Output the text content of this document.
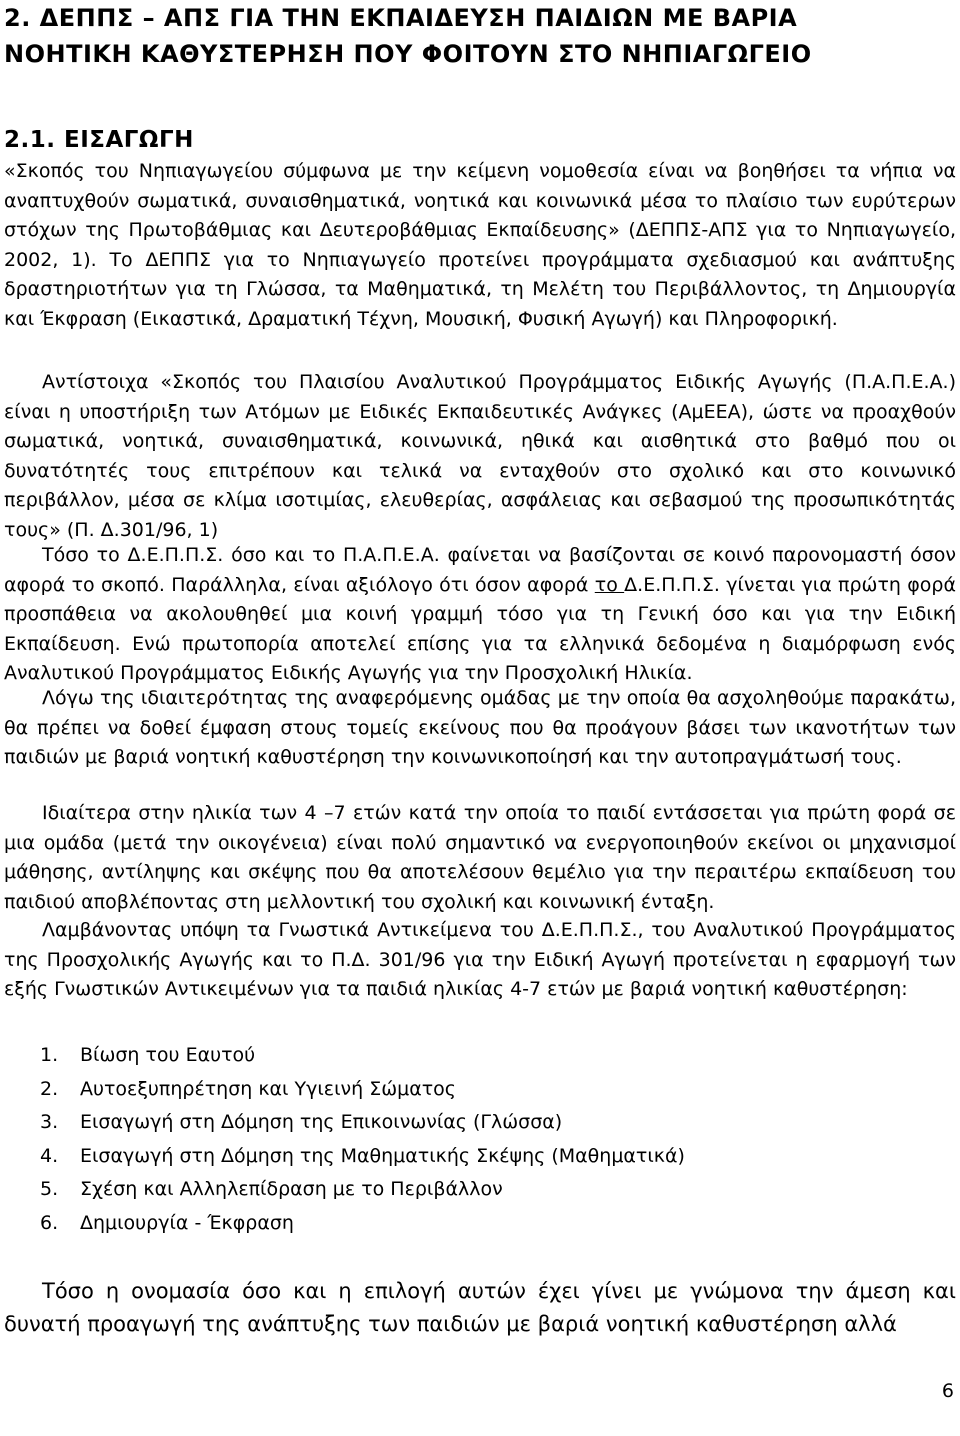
2. ΔΕΠΠΣ – ΑΠΣ ΓΙΑ ΤΗΝ ΕΚΠΑΙΔΕΥΣΗ ΠΑΙΔΙΩΝ ΜΕ ΒΑΡΙΑ
ΝΟΗΤΙΚΗ ΚΑΘΥΣΤΕΡΗΣΗ ΠΟΥ ΦΟΙΤΟΥΝ ΣΤΟ ΝΗΠΙΑΓΩΓΕΙΟ
2.1. ΕΙΣΑΓΩΓΗ

«Σκοπός του Νηπιαγωγείου σύμφωνα με την κείμενη νομοθεσία είναι να βοηθήσει τα νήπια να αναπτυχθούν σωματικά, συναισθηματικά, νοητικά και κοινωνικά μέσα το πλαίσιο των ευρύτερων στόχων της Πρωτοβάθμιας και Δευτεροβάθμιας Εκπαίδευσης» (ΔΕΠΠΣ-ΑΠΣ για το Νηπιαγωγείο, 2002, 1). Το ΔΕΠΠΣ για το Νηπιαγωγείο προτείνει προγράμματα σχεδιασμού και ανάπτυξης δραστηριοτήτων για τη Γλώσσα, τα Μαθηματικά, τη Μελέτη του Περιβάλλοντος, τη Δημιουργία και Έκφραση (Εικαστικά, Δραματική Τέχνη, Μουσική, Φυσική Αγωγή) και Πληροφορική.

Αντίστοιχα «Σκοπός του Πλαισίου Αναλυτικού Προγράμματος Ειδικής Αγωγής (Π.Α.Π.Ε.Α.) είναι η υποστήριξη των Ατόμων με Ειδικές Εκπαιδευτικές Ανάγκες (ΑμΕΕΑ), ώστε να προαχθούν σωματικά, νοητικά, συναισθηματικά, κοινωνικά, ηθικά και αισθητικά στο βαθμό που οι δυνατότητές τους επιτρέπουν και τελικά να ενταχθούν στο σχολικό και στο κοινωνικό περιβάλλον, μέσα σε κλίμα ισοτιμίας, ελευθερίας, ασφάλειας και σεβασμού της προσωπικότητάς τους» (Π. Δ.301/96, 1)

Τόσο το Δ.Ε.Π.Π.Σ. όσο και το Π.Α.Π.Ε.Α. φαίνεται να βασίζονται σε κοινό παρονομαστή όσον αφορά το σκοπό. Παράλληλα, είναι αξιόλογο ότι όσον αφορά το Δ.Ε.Π.Π.Σ. γίνεται για πρώτη φορά προσπάθεια να ακολουθηθεί μια κοινή γραμμή τόσο για τη Γενική όσο και για την Ειδική Εκπαίδευση. Ενώ πρωτοπορία αποτελεί επίσης για τα ελληνικά δεδομένα η διαμόρφωση ενός Αναλυτικού Προγράμματος Ειδικής Αγωγής για την Προσχολική Ηλικία.

Λόγω της ιδιαιτερότητας της αναφερόμενης ομάδας με την οποία θα ασχοληθούμε παρακάτω, θα πρέπει να δοθεί έμφαση στους τομείς εκείνους που θα προάγουν βάσει των ικανοτήτων των παιδιών με βαριά νοητική καθυστέρηση την κοινωνικοποίησή και την αυτοπραγμάτωσή τους.

Ιδιαίτερα στην ηλικία των 4 –7 ετών κατά την οποία το παιδί εντάσσεται για πρώτη φορά σε μια ομάδα (μετά την οικογένεια) είναι πολύ σημαντικό να ενεργοποιηθούν εκείνοι οι μηχανισμοί μάθησης, αντίληψης και σκέψης που θα αποτελέσουν θεμέλιο για την περαιτέρω εκπαίδευση του παιδιού αποβλέποντας στη μελλοντική του σχολική και κοινωνική ένταξη.

Λαμβάνοντας υπόψη τα Γνωστικά Αντικείμενα του Δ.Ε.Π.Π.Σ., του Αναλυτικού Προγράμματος της Προσχολικής Αγωγής και το Π.Δ. 301/96 για την Ειδική Αγωγή προτείνεται η εφαρμογή των εξής Γνωστικών Αντικειμένων για τα παιδιά ηλικίας 4-7 ετών με βαριά νοητική καθυστέρηση:

1.	Βίωση του Εαυτού
2.	Αυτοεξυπηρέτηση και Υγιεινή Σώματος
3.	Εισαγωγή στη Δόμηση της Επικοινωνίας (Γλώσσα)
4.	Εισαγωγή στη Δόμηση της Μαθηματικής Σκέψης (Μαθηματικά)
5.	Σχέση και Αλληλεπίδραση με το Περιβάλλον
6.	Δημιουργία - Έκφραση

Τόσο η ονομασία όσο και η επιλογή αυτών έχει γίνει με γνώμονα την άμεση και δυνατή προαγωγή της ανάπτυξης των παιδιών με βαριά νοητική καθυστέρηση αλλά

6
